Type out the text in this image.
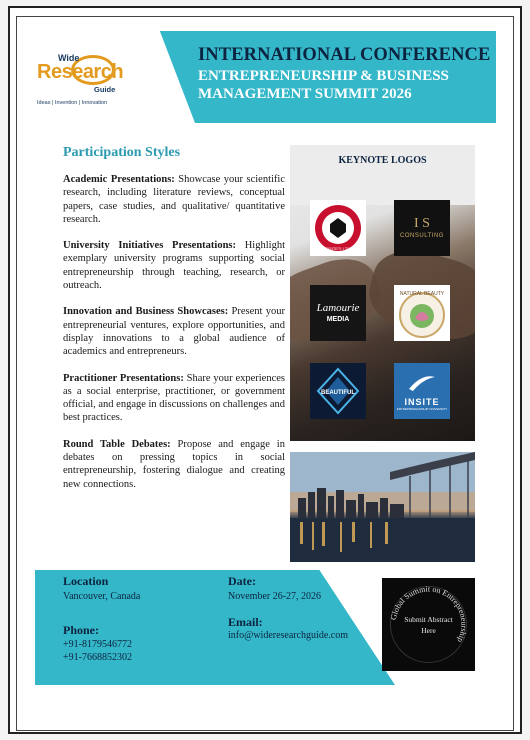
Wide
Research
Guide
Ideas | Invention | Innovation
INTERNATIONAL CONFERENCE
ENTREPRENEURSHIP & BUSINESS
MANAGEMENT SUMMIT 2026
Participation Styles

Academic Presentations: Showcase your scientific research, including literature reviews, conceptual papers, case studies, and qualitative/ quantitative research.

University Initiatives Presentations: Highlight exemplary university programs supporting social entrepreneurship through teaching, research, or outreach.

Innovation and Business Showcases: Present your entrepreneurial ventures, explore opportunities, and display innovations to a global audience of academics and entrepreneurs.

Practitioner Presentations: Share your experiences as a social enterprise, practitioner, or government official, and engage in discussions on challenges and best practices.

Round Table Debates: Propose and engage in debates on pressing topics in social entrepreneurship, fostering dialogue and creating new connections.

KEYNOTE LOGOS
UNIVERSITETI I TIRANES
I S
CONSULTING
Lamourie
MEDIA
NATURAL BEAUTY
BEAUTIFUL
INSITE
ENTREPRENEURSHIP UNIVERSITY
Location
Vancouver, Canada
Date:
November 26-27, 2026
Phone:
+91-8179546772
+91-7668852302
Email:
info@wideresearchguide.com
Global Summit on Entrepreneurship
Submit Abstract
Here
